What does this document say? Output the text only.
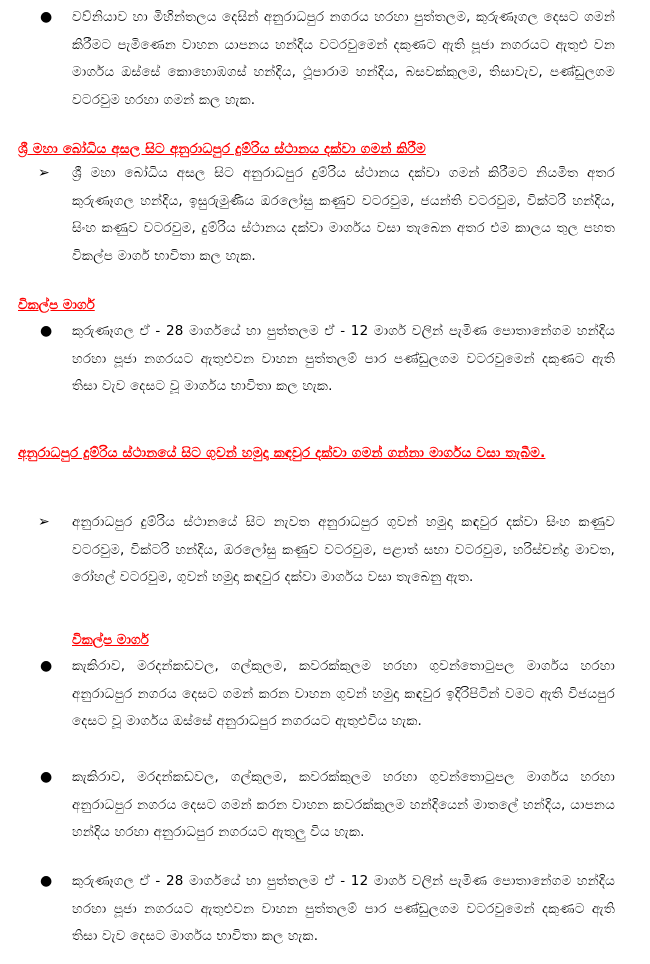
● වව්නියාව හා මිහින්තලය දෙසින් අනුරාධපුර නගරය හරහා පුත්තලම, කුරුණෑගල දෙසට ගමන් කිරීමට පැමිණෙන වාහන යාපනය හන්දිය වටරවුමෙන් දකුණට ඇති පූජා නගරයට ඇතුළු වන මාර්ගය ඔස්සේ කොහොඹගස් හන්දිය, ථූපාරාම හන්දිය, බසවක්කුලම, තිසාවැව, පණ්ඩුලගම වටරවුම හරහා ගමන් කල හැක.

ශ්‍රී මහා බෝධිය අසල සිට අනුරාධපුර දුම්රිය ස්ථානය දක්වා ගමන් කිරීම

➢ ශ්‍රී මහා බෝධිය අසල සිට අනුරාධපුර දුම්රිය ස්ථානය දක්වා ගමන් කිරීමට නියමිත අතර කුරුණෑගල හන්දිය, ඉසුරුමුණිය ඔරලෝසු කණුව වටරවුම, ජයන්ති වටරවුම, වික්ටරි හන්දිය, සිංහ කණුව වටරවුම, දුම්රිය ස්ථානය දක්වා මාර්ගය වසා තැබෙන අතර එම කාලය තුල පහත විකල්ප මාර්ග භාවිතා කල හැක.

විකල්ප මාර්ග

● කුරුණෑගල ඒ - 28 මාර්ගයේ හා පුත්තලම ඒ - 12 මාර්ග වලින් පැමිණ පොතානේගම හන්දිය හරහා පූජා නගරයට ඇතුළුවන වාහන පුත්තලම් පාර පණ්ඩුලගම වටරවුමෙන් දකුණට ඇති තිසා වැව දෙසට වූ මාර්ගය භාවිතා කල හැක.

අනුරාධපුර දුම්රිය ස්ථානයේ සිට ගුවන් හමුදා කඳවුර දක්වා ගමන් ගන්නා මාර්ගය වසා තැබීම.

➢ අනුරාධපුර දුම්රිය ස්ථානයේ සිට නැවත අනුරාධපුර ගුවන් හමුදා කඳවුර දක්වා සිංහ කණුව වටරවුම, වික්ටරි හන්දිය, ඔරලෝසු කණුව වටරවුම, පළාත් සභා වටරවුම, හරිස්චන්ද්‍ර මාවත, රෝහල් වටරවුම, ගුවන් හමුදා කඳවුර දක්වා මාර්ගය වසා තැබෙනු ඇත.

විකල්ප මාර්ග

● කැකිරාව, මරදන්කඩවල, ගල්කුලම, කවරක්කුලම හරහා ගුවන්තොටුපල මාර්ගය හරහා අනුරාධපුර නගරය දෙසට ගමන් කරන වාහන ගුවන් හමුදා කඳවුර ඉදිරිපිටින් වමට ඇති විජයපුර දෙසට වූ මාර්ගය ඔස්සේ අනුරාධපුර නගරයට ඇතුළුවිය හැක.

● කැකිරාව, මරදන්කඩවල, ගල්කුලම, කවරක්කුලම හරහා ගුවන්තොටුපල මාර්ගය හරහා අනුරාධපුර නගරය දෙසට ගමන් කරන වාහන කවරක්කුලම හන්දියෙන් මාතලේ හන්දිය, යාපනය හන්දිය හරහා අනුරාධපුර නගරයට ඇතුලු විය හැක.

● කුරුණෑගල ඒ - 28 මාර්ගයේ හා පුත්තලම ඒ - 12 මාර්ග වලින් පැමිණ පොතානේගම හන්දිය හරහා පූජා නගරයට ඇතුළුවන වාහන පුත්තලම් පාර පණ්ඩුලගම වටරවුමෙන් දකුණට ඇති තිසා වැව දෙසට මාර්ගය භාවිතා කල හැක.
